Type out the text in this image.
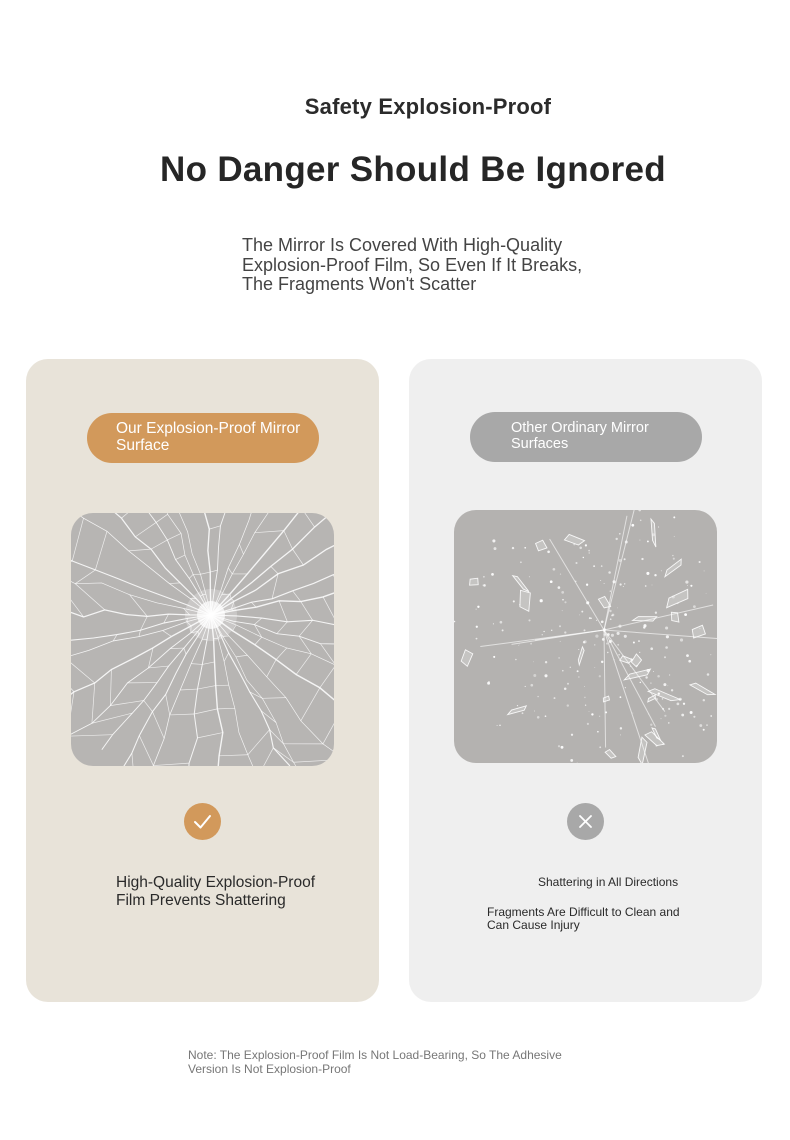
Safety Explosion-Proof
No Danger Should Be Ignored
The Mirror Is Covered With High-Quality Explosion-Proof Film, So Even If It Breaks, The Fragments Won't Scatter
Our Explosion-Proof Mirror Surface
High-Quality Explosion-Proof Film Prevents Shattering
Other Ordinary Mirror Surfaces
Shattering in All Directions
Fragments Are Difficult to Clean and Can Cause Injury
Note: The Explosion-Proof Film Is Not Load-Bearing, So The Adhesive Version Is Not Explosion-Proof
